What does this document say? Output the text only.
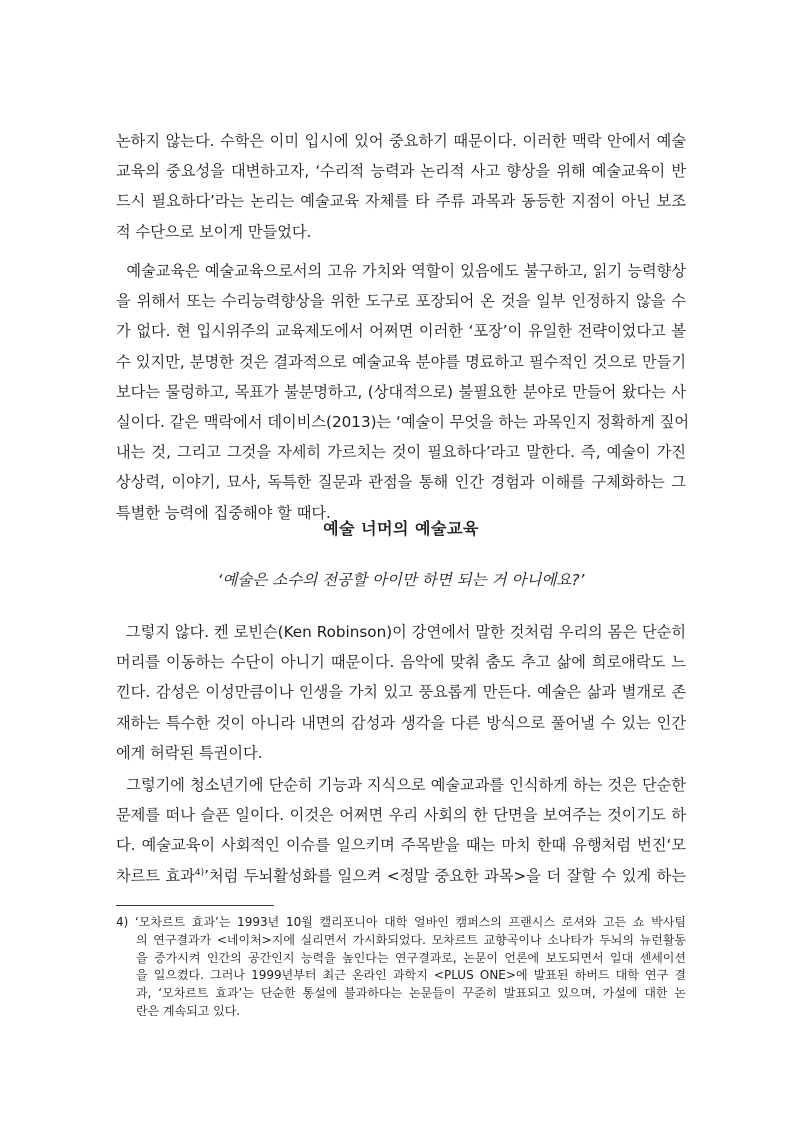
논하지 않는다. 수학은 이미 입시에 있어 중요하기 때문이다. 이러한 맥락 안에서 예술
교육의 중요성을 대변하고자, ‘수리적 능력과 논리적 사고 향상을 위해 예술교육이 반
드시 필요하다’라는 논리는 예술교육 자체를 타 주류 과목과 동등한 지점이 아닌 보조
적 수단으로 보이게 만들었다.
예술교육은 예술교육으로서의 고유 가치와 역할이 있음에도 불구하고, 읽기 능력향상
을 위해서 또는 수리능력향상을 위한 도구로 포장되어 온 것을 일부 인정하지 않을 수
가 없다. 현 입시위주의 교육제도에서 어쩌면 이러한 ‘포장’이 유일한 전략이었다고 볼
수 있지만, 분명한 것은 결과적으로 예술교육 분야를 명료하고 필수적인 것으로 만들기
보다는 물렁하고, 목표가 불분명하고, (상대적으로) 불필요한 분야로 만들어 왔다는 사
실이다. 같은 맥락에서 데이비스(2013)는 ‘예술이 무엇을 하는 과목인지 정확하게 짚어
내는 것, 그리고 그것을 자세히 가르치는 것이 필요하다’라고 말한다. 즉, 예술이 가진
상상력, 이야기, 묘사, 독특한 질문과 관점을 통해 인간 경험과 이해를 구체화하는 그
특별한 능력에 집중해야 할 때다.
예술 너머의 예술교육

‘예술은 소수의 전공할 아이만 하면 되는 거 아니에요?’

그렇지 않다. 켄 로빈슨(Ken Robinson)이 강연에서 말한 것처럼 우리의 몸은 단순히
머리를 이동하는 수단이 아니기 때문이다. 음악에 맞춰 춤도 추고 삶에 희로애락도 느
낀다. 감성은 이성만큼이나 인생을 가치 있고 풍요롭게 만든다. 예술은 삶과 별개로 존
재하는 특수한 것이 아니라 내면의 감성과 생각을 다른 방식으로 풀어낼 수 있는 인간
에게 허락된 특권이다.
그렇기에 청소년기에 단순히 기능과 지식으로 예술교과를 인식하게 하는 것은 단순한
문제를 떠나 슬픈 일이다. 이것은 어쩌면 우리 사회의 한 단면을 보여주는 것이기도 하
다. 예술교육이 사회적인 이슈를 일으키며 주목받을 때는 마치 한때 유행처럼 번진‘모
차르트 효과$^{4)}$’처럼 두뇌활성화를 일으켜 <정말 중요한 과목>을 더 잘할 수 있게 하는
4) ‘모차르트 효과’는 1993년 10월 캘리포니아 대학 얼바인 캠퍼스의 프랜시스 로셔와 고든 쇼 박사팀
의 연구결과가 <네이처>지에 실리면서 가시화되었다. 모차르트 교향곡이나 소나타가 두뇌의 뉴런활동
을 증가시켜 인간의 공간인지 능력을 높인다는 연구결과로, 논문이 언론에 보도되면서 일대 센세이션
을 일으켰다. 그러나 1999년부터 최근 온라인 과학지 <PLUS ONE>에 발표된 하버드 대학 연구 결
과, ‘모차르트 효과’는 단순한 통설에 불과하다는 논문들이 꾸준히 발표되고 있으며, 가설에 대한 논
란은 계속되고 있다.
